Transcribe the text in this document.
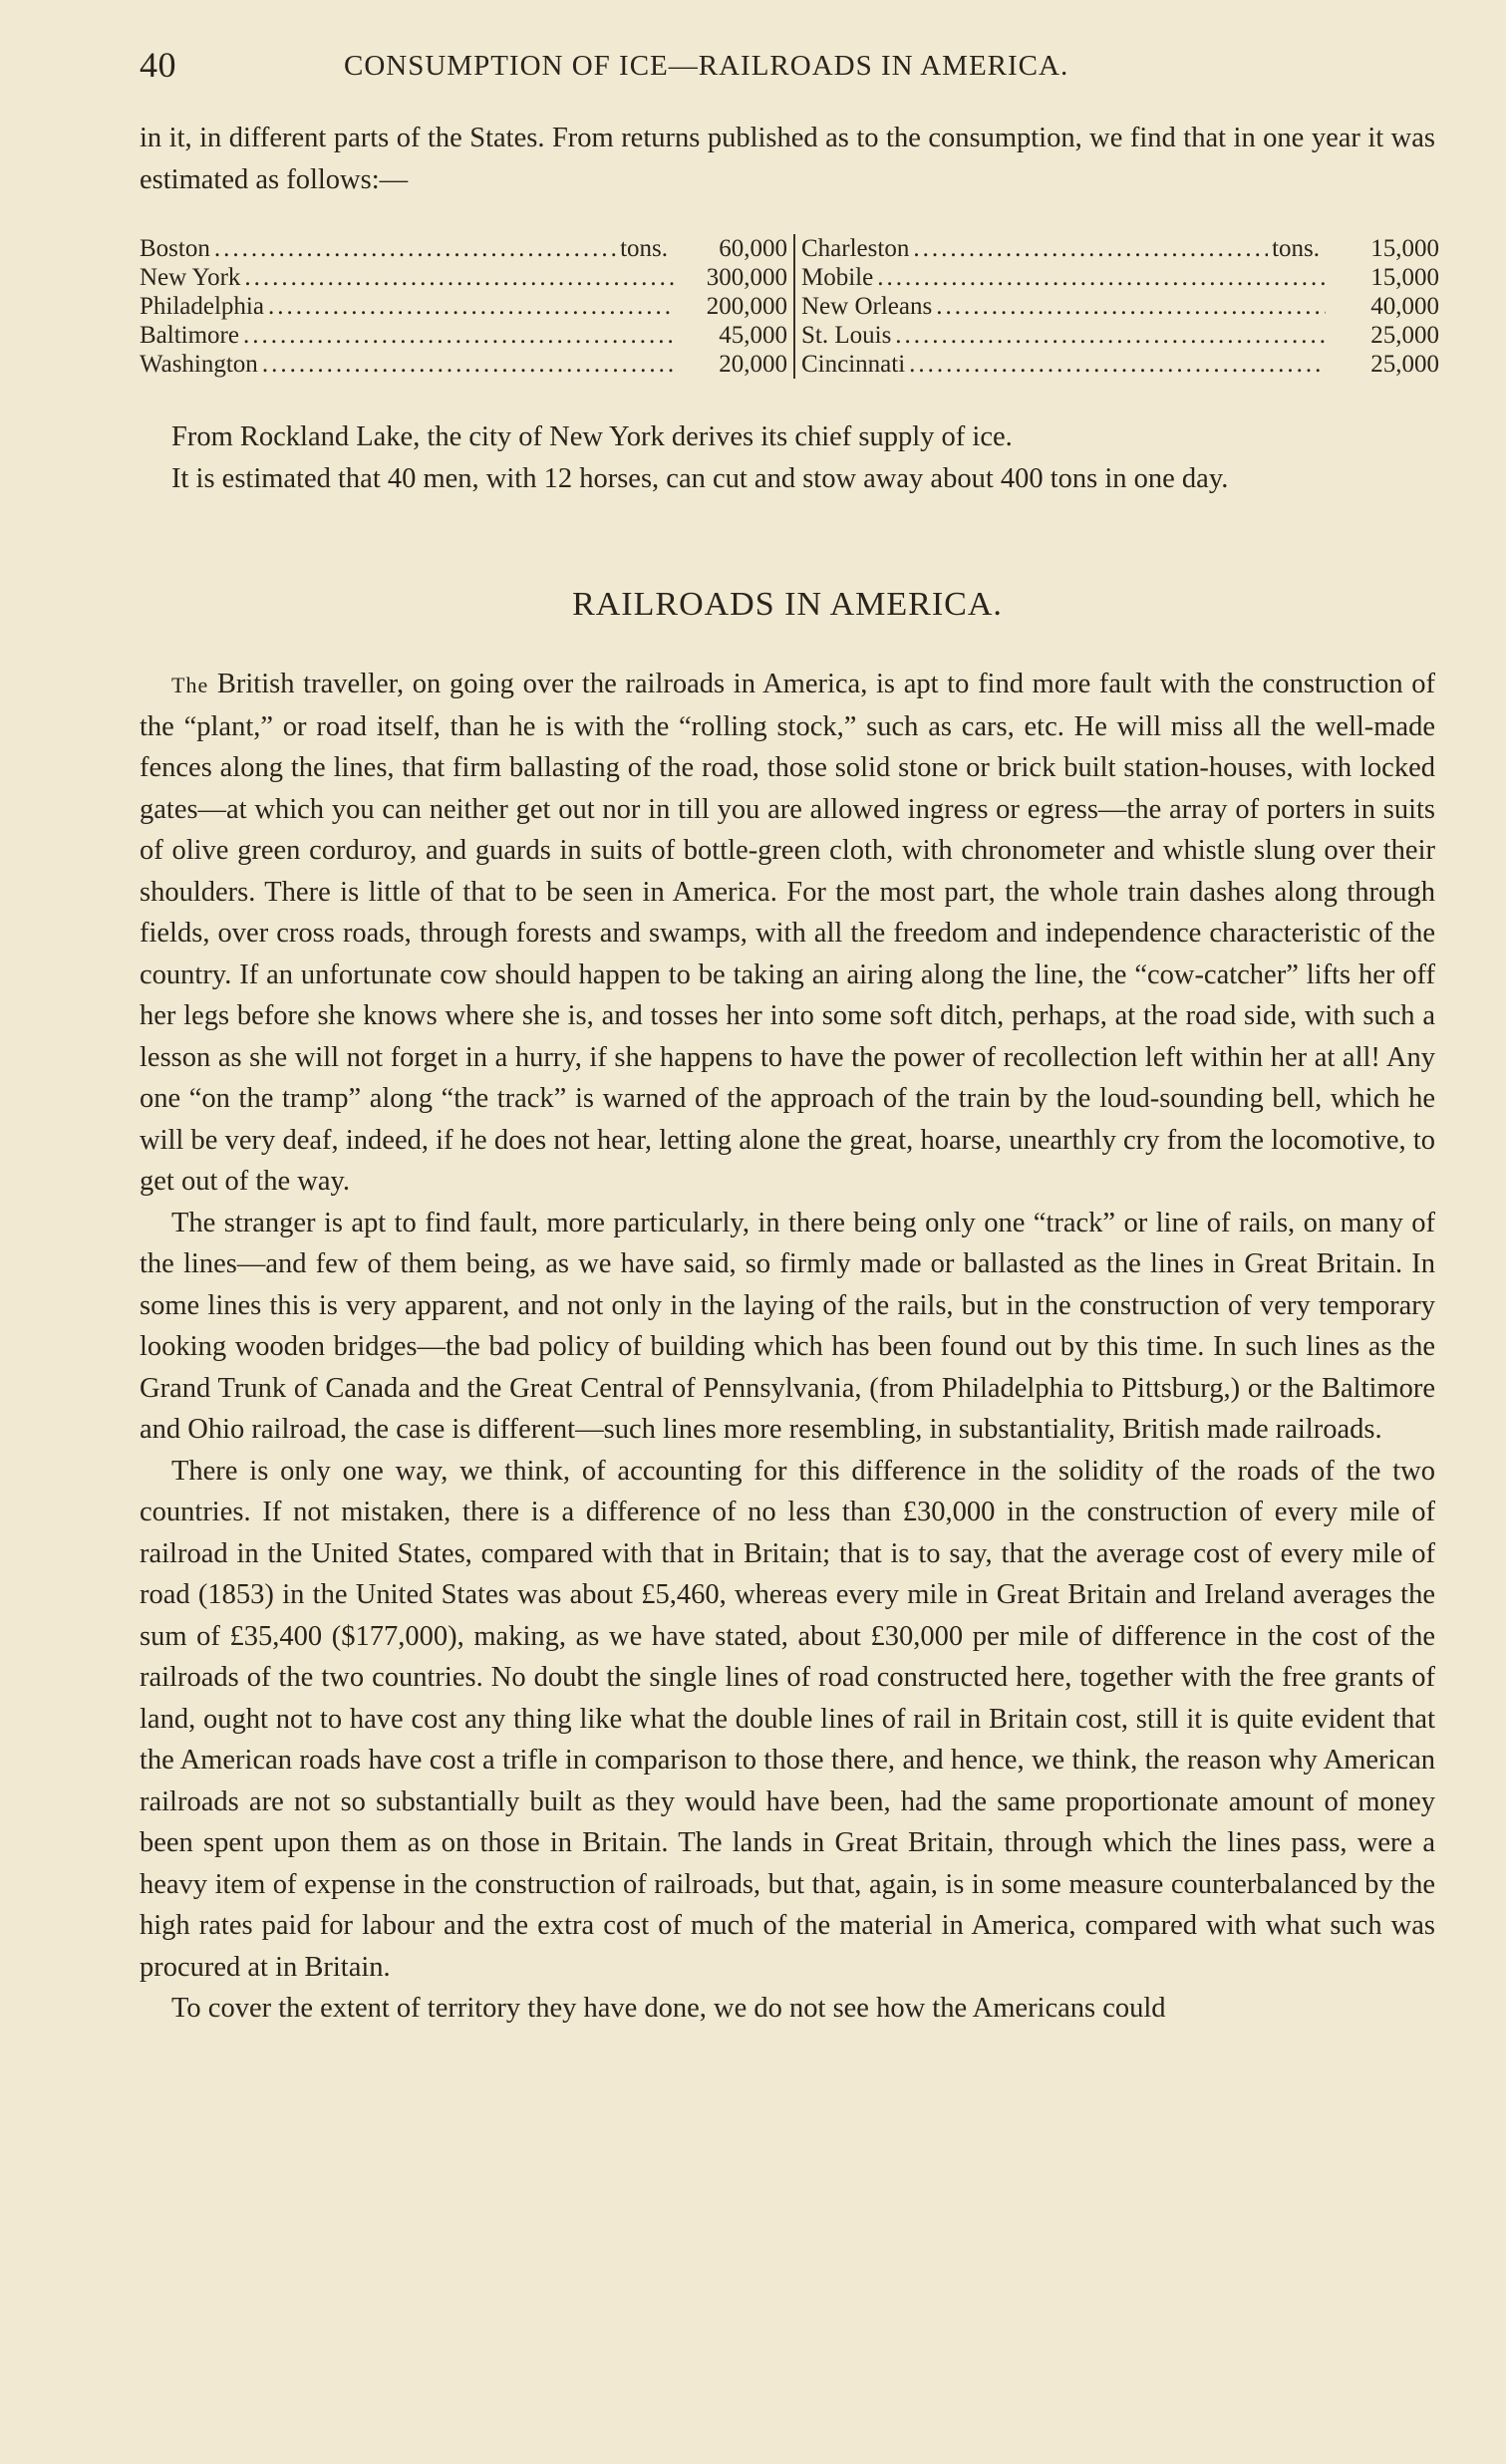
40	CONSUMPTION OF ICE—RAILROADS IN AMERICA.

in it, in different parts of the States. From returns published as to the consumption, we find that in one year it was estimated as follows:—

Boston .....	tons.	60,000
New York .....	300,000
Philadelphia .....	200,000
Baltimore .....	45,000
Washington .....	20,000
Charleston .....	tons.	15,000
Mobile .....	15,000
New Orleans .....	40,000
St. Louis .....	25,000
Cincinnati .....	25,000

From Rockland Lake, the city of New York derives its chief supply of ice.

It is estimated that 40 men, with 12 horses, can cut and stow away about 400 tons in one day.

RAILROADS IN AMERICA.

The British traveller, on going over the railroads in America, is apt to find more fault with the construction of the “plant,” or road itself, than he is with the “rolling stock,” such as cars, etc. He will miss all the well-made fences along the lines, that firm ballasting of the road, those solid stone or brick built station-houses, with locked gates—at which you can neither get out nor in till you are allowed ingress or egress—the array of porters in suits of olive green corduroy, and guards in suits of bottle-green cloth, with chronometer and whistle slung over their shoulders. There is little of that to be seen in America. For the most part, the whole train dashes along through fields, over cross roads, through forests and swamps, with all the freedom and independence characteristic of the country. If an unfortunate cow should happen to be taking an airing along the line, the “cow-catcher” lifts her off her legs before she knows where she is, and tosses her into some soft ditch, perhaps, at the road side, with such a lesson as she will not forget in a hurry, if she happens to have the power of recollection left within her at all! Any one “on the tramp” along “the track” is warned of the approach of the train by the loud-sounding bell, which he will be very deaf, indeed, if he does not hear, letting alone the great, hoarse, unearthly cry from the locomotive, to get out of the way.

The stranger is apt to find fault, more particularly, in there being only one “track” or line of rails, on many of the lines—and few of them being, as we have said, so firmly made or ballasted as the lines in Great Britain. In some lines this is very apparent, and not only in the laying of the rails, but in the construction of very temporary looking wooden bridges—the bad policy of building which has been found out by this time. In such lines as the Grand Trunk of Canada and the Great Central of Pennsylvania, (from Philadelphia to Pittsburg,) or the Baltimore and Ohio railroad, the case is different—such lines more resembling, in substantiality, British made railroads.

There is only one way, we think, of accounting for this difference in the solidity of the roads of the two countries. If not mistaken, there is a difference of no less than £30,000 in the construction of every mile of railroad in the United States, compared with that in Britain; that is to say, that the average cost of every mile of road (1853) in the United States was about £5,460, whereas every mile in Great Britain and Ireland averages the sum of £35,400 ($177,000), making, as we have stated, about £30,000 per mile of difference in the cost of the railroads of the two countries. No doubt the single lines of road constructed here, together with the free grants of land, ought not to have cost any thing like what the double lines of rail in Britain cost, still it is quite evident that the American roads have cost a trifle in comparison to those there, and hence, we think, the reason why American railroads are not so substantially built as they would have been, had the same proportionate amount of money been spent upon them as on those in Britain. The lands in Great Britain, through which the lines pass, were a heavy item of expense in the construction of railroads, but that, again, is in some measure counterbalanced by the high rates paid for labour and the extra cost of much of the material in America, compared with what such was procured at in Britain.

To cover the extent of territory they have done, we do not see how the Americans could
